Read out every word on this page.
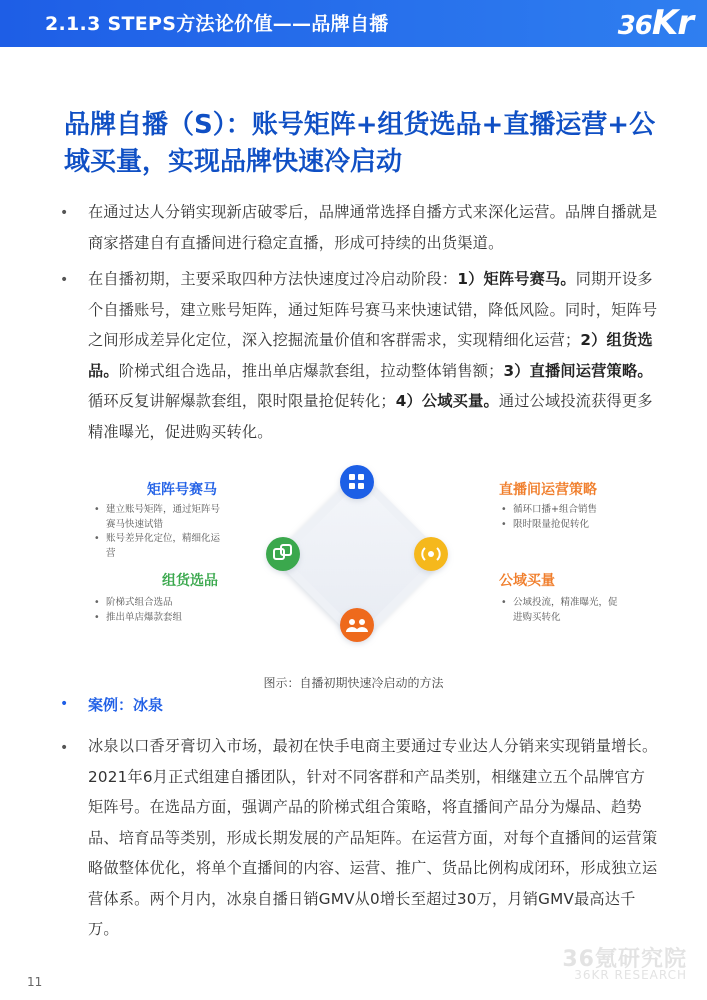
2.1.3 STEPS方法论价值——品牌自播	36Kr
品牌自播（S）：账号矩阵+组货选品+直播运营+公域买量，实现品牌快速冷启动
• 在通过达人分销实现新店破零后，品牌通常选择自播方式来深化运营。品牌自播就是商家搭建自有直播间进行稳定直播，形成可持续的出货渠道。
• 在自播初期，主要采取四种方法快速度过冷启动阶段：1）矩阵号赛马。同期开设多个自播账号，建立账号矩阵，通过矩阵号赛马来快速试错，降低风险。同时，矩阵号之间形成差异化定位，深入挖掘流量价值和客群需求，实现精细化运营；2）组货选品。阶梯式组合选品，推出单店爆款套组，拉动整体销售额；3）直播间运营策略。循环反复讲解爆款套组，限时限量抢促转化；4）公域买量。通过公域投流获得更多精准曝光，促进购买转化。
矩阵号赛马
• 建立账号矩阵，通过矩阵号赛马快速试错
• 账号差异化定位，精细化运营
组货选品
• 阶梯式组合选品
• 推出单店爆款套组
直播间运营策略
• 循环口播+组合销售
• 限时限量抢促转化
公域买量
• 公域投流，精准曝光，促进购买转化
图示：自播初期快速冷启动的方法
• 案例：冰泉
• 冰泉以口香牙膏切入市场，最初在快手电商主要通过专业达人分销来实现销量增长。2021年6月正式组建自播团队，针对不同客群和产品类别，相继建立五个品牌官方矩阵号。在选品方面，强调产品的阶梯式组合策略，将直播间产品分为爆品、趋势品、培育品等类别，形成长期发展的产品矩阵。在运营方面，对每个直播间的运营策略做整体优化，将单个直播间的内容、运营、推广、货品比例构成闭环，形成独立运营体系。两个月内，冰泉自播日销GMV从0增长至超过30万，月销GMV最高达千万。
11
36氪研究院
36KR RESEARCH
